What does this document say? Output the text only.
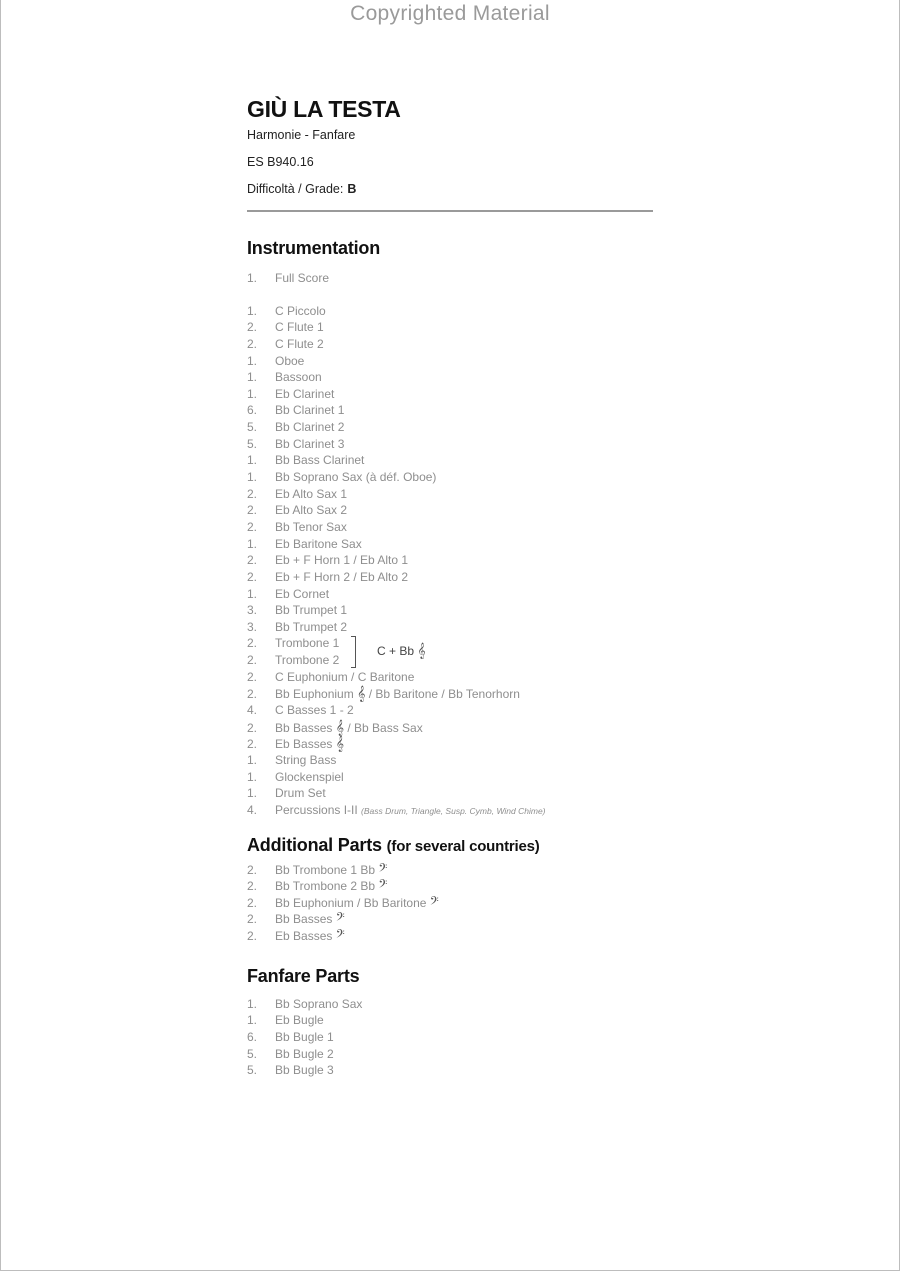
Copyrighted Material
GIÙ LA TESTA
Harmonie - Fanfare
ES B940.16
Difficoltà / Grade: B
Instrumentation
1. Full Score
1. C Piccolo
2. C Flute 1
2. C Flute 2
1. Oboe
1. Bassoon
1. Eb Clarinet
6. Bb Clarinet 1
5. Bb Clarinet 2
5. Bb Clarinet 3
1. Bb Bass Clarinet
1. Bb Soprano Sax (à déf. Oboe)
2. Eb Alto Sax 1
2. Eb Alto Sax 2
2. Bb Tenor Sax
1. Eb Baritone Sax
2. Eb + F Horn 1 / Eb Alto 1
2. Eb + F Horn 2 / Eb Alto 2
1. Eb Cornet
3. Bb Trumpet 1
3. Bb Trumpet 2
2. Trombone 1
2. Trombone 2
C + Bb 𝄞
2. C Euphonium / C Baritone
2. Bb Euphonium 𝄞 / Bb Baritone / Bb Tenorhorn
4. C Basses 1 - 2
2. Bb Basses 𝄞 / Bb Bass Sax
2. Eb Basses 𝄞
1. String Bass
1. Glockenspiel
1. Drum Set
4. Percussions I-II (Bass Drum, Triangle, Susp. Cymb, Wind Chime)
Additional Parts (for several countries)
2. Bb Trombone 1 Bb 𝄢
2. Bb Trombone 2 Bb 𝄢
2. Bb Euphonium / Bb Baritone 𝄢
2. Bb Basses 𝄢
2. Eb Basses 𝄢
Fanfare Parts
1. Bb Soprano Sax
1. Eb Bugle
6. Bb Bugle 1
5. Bb Bugle 2
5. Bb Bugle 3
